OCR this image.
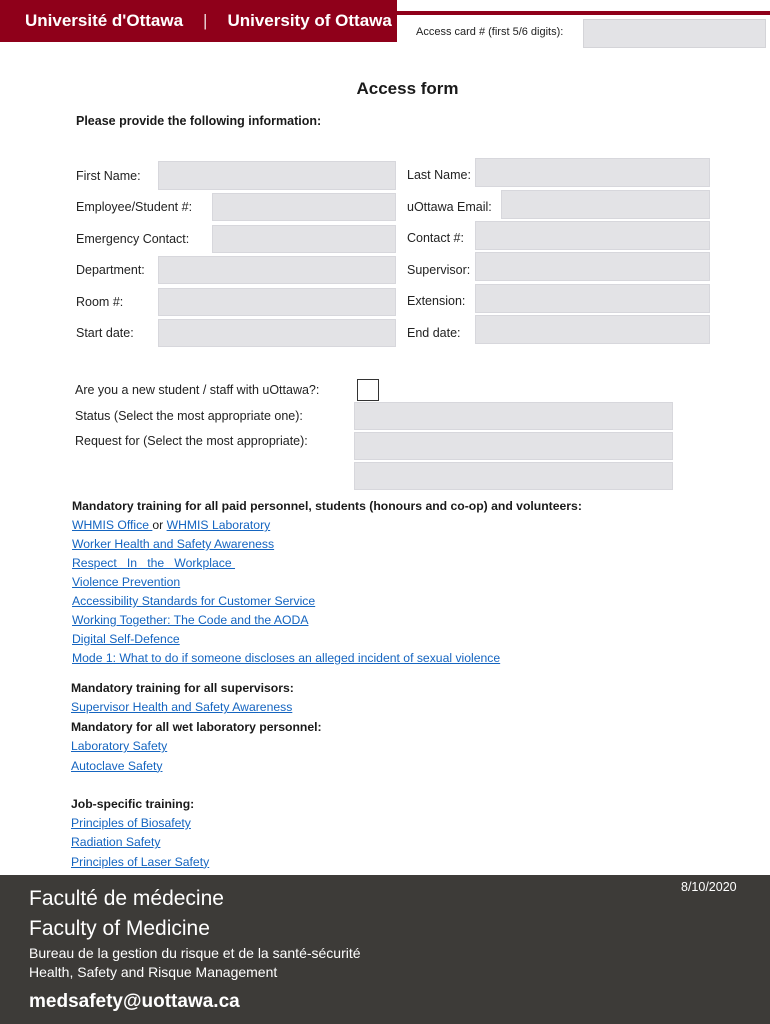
Université d'Ottawa | University of Ottawa
Access card # (first 5/6 digits):
Access form
Please provide the following information:
First Name:
Employee/Student #:
Emergency Contact:
Department:
Room #:
Start date:
Last Name:
uOttawa Email:
Contact #:
Supervisor:
Extension:
End date:
Are you a new student / staff with uOttawa?:
Status (Select the most appropriate one):
Request for (Select the most appropriate):
Mandatory training for all paid personnel, students (honours and co-op) and volunteers:
WHMIS Office or WHMIS Laboratory
Worker Health and Safety Awareness
Respect   In   the   Workplace
Violence Prevention
Accessibility Standards for Customer Service
Working Together: The Code and the AODA
Digital Self-Defence
Mode 1: What to do if someone discloses an alleged incident of sexual violence
Mandatory training for all supervisors:
Supervisor Health and Safety Awareness
Mandatory for all wet laboratory personnel:
Laboratory Safety
Autoclave Safety
Job-specific training:
Principles of Biosafety
Radiation Safety
Principles of Laser Safety
Faculté de médecine
Faculty of Medicine
Bureau de la gestion du risque et de la santé-sécurité
Health, Safety and Risque Management
medsafety@uottawa.ca
8/10/2020
